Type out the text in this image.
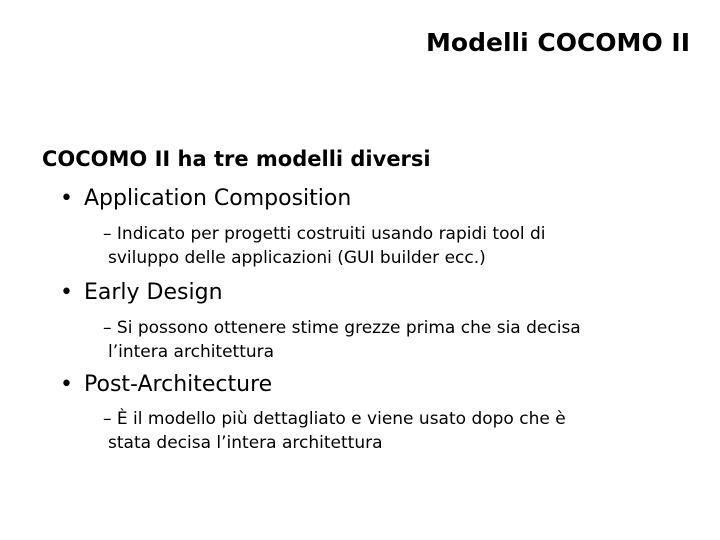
Modelli COCOMO II
COCOMO II ha tre modelli diversi
• Application Composition
– Indicato per progetti costruiti usando rapidi tool di
sviluppo delle applicazioni (GUI builder ecc.)
• Early Design
– Si possono ottenere stime grezze prima che sia decisa
l’intera architettura
• Post-Architecture
– È il modello più dettagliato e viene usato dopo che è
stata decisa l’intera architettura
